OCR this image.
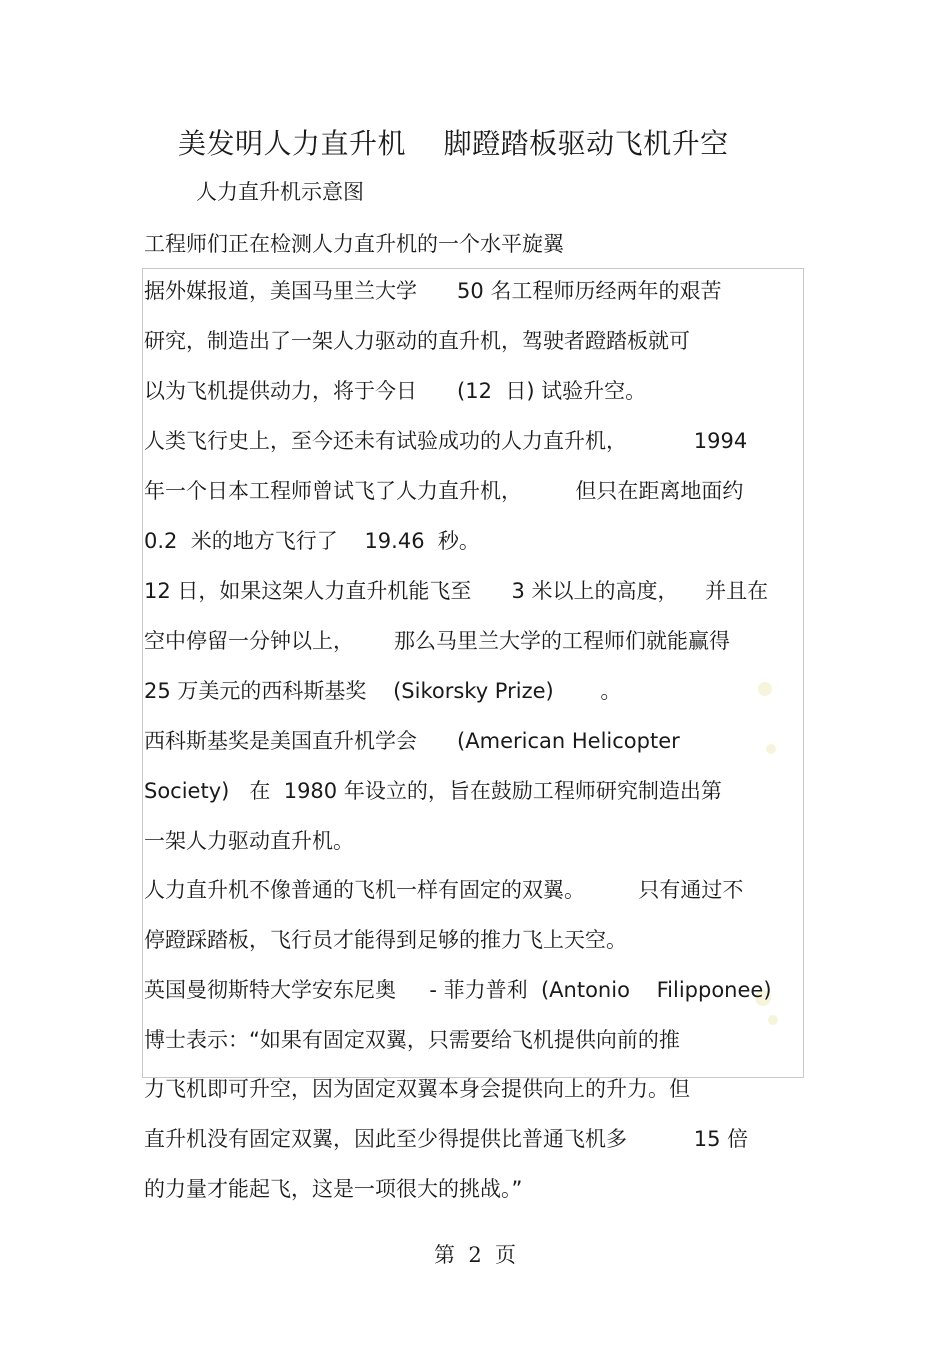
美发明人力直升机    脚蹬踏板驱动飞机升空
人力直升机示意图
工程师们正在检测人力直升机的一个水平旋翼
据外媒报道，美国马里兰大学      50 名工程师历经两年的艰苦
研究，制造出了一架人力驱动的直升机，驾驶者蹬踏板就可
以为飞机提供动力，将于今日      (12  日) 试验升空。
人类飞行史上，至今还未有试验成功的人力直升机，          1994
年一个日本工程师曾试飞了人力直升机，        但只在距离地面约
0.2  米的地方飞行了    19.46  秒。
12 日，如果这架人力直升机能飞至      3 米以上的高度，    并且在
空中停留一分钟以上，      那么马里兰大学的工程师们就能赢得
25 万美元的西科斯基奖    (Sikorsky Prize)       。
西科斯基奖是美国直升机学会      (American Helicopter
Society)   在  1980 年设立的，旨在鼓励工程师研究制造出第
一架人力驱动直升机。
人力直升机不像普通的飞机一样有固定的双翼。        只有通过不
停蹬踩踏板，飞行员才能得到足够的推力飞上天空。
英国曼彻斯特大学安东尼奥     - 菲力普利  (Antonio    Filipponee)
博士表示：“如果有固定双翼，只需要给飞机提供向前的推
力飞机即可升空，因为固定双翼本身会提供向上的升力。但
直升机没有固定双翼，因此至少得提供比普通飞机多          15 倍
的力量才能起飞，这是一项很大的挑战。”
第  2  页
